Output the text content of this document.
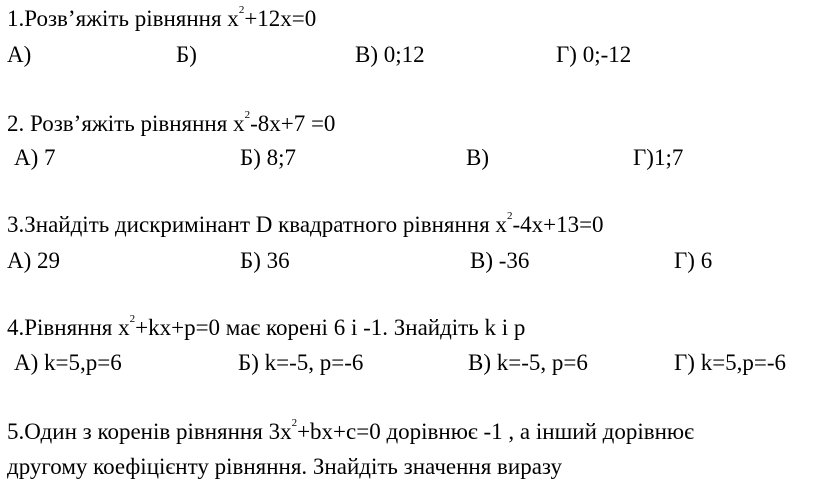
1.Розв’яжіть рівняння $x^2+12x=0$
А)	Б)	В) 0;12	Г) 0;-12
2. Розв’яжіть рівняння $x^2-8x+7 =0$
А) 7	Б) 8;7	В)	Г)1;7
3.Знайдіть дискримінант D квадратного рівняння $x^2-4x+13=0$
А) 29	Б) 36	В) -36	Г) 6
4.Рівняння $x^2+kx+p=0$ має корені 6 і -1. Знайдіть k і p
А) k=5,p=6	Б) k=-5, p=-6	В) k=-5, p=6	Г) k=5,p=-6
5.Один з коренів рівняння $3x^2+bx+c=0$ дорівнює -1 , а інший дорівнює
другому коефіцієнту рівняння. Знайдіть значення виразу
